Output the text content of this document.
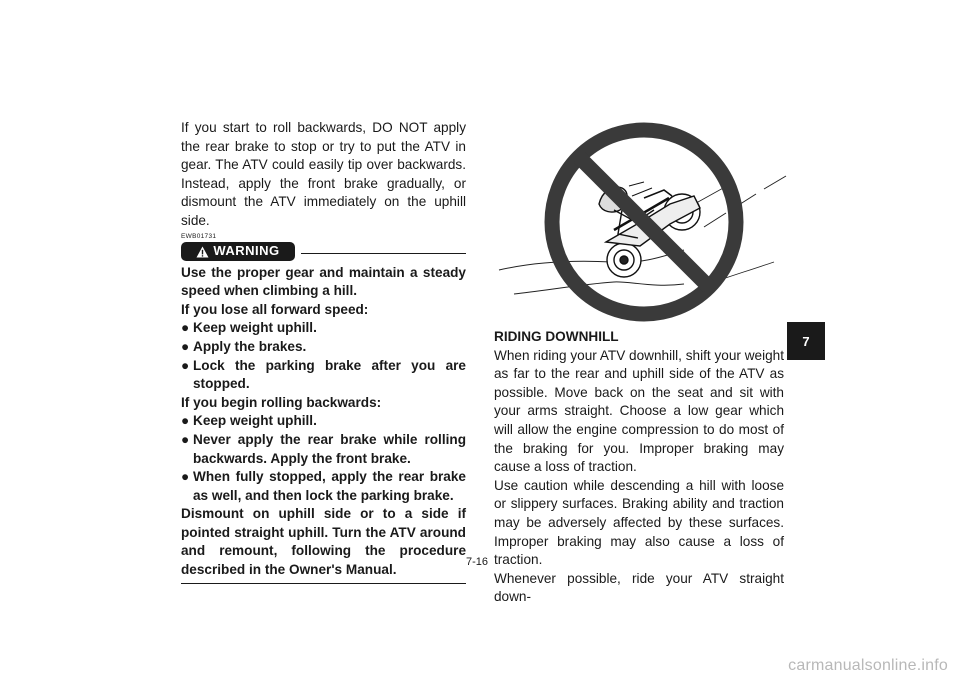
If you start to roll backwards, DO NOT apply the rear brake to stop or try to put the ATV in gear. The ATV could easily tip over backwards. Instead, apply the front brake gradually, or dismount the ATV immediately on the uphill side.
EWB01731
WARNING
Use the proper gear and maintain a steady speed when climbing a hill.
If you lose all forward speed:
● Keep weight uphill.
● Apply the brakes.
● Lock the parking brake after you are stopped.
If you begin rolling backwards:
● Keep weight uphill.
● Never apply the rear brake while rolling backwards. Apply the front brake.
● When fully stopped, apply the rear brake as well, and then lock the parking brake.
Dismount on uphill side or to a side if pointed straight uphill. Turn the ATV around and remount, following the procedure described in the Owner's Manual.
RIDING DOWNHILL
When riding your ATV downhill, shift your weight as far to the rear and uphill side of the ATV as possible. Move back on the seat and sit with your arms straight. Choose a low gear which will allow the engine compression to do most of the braking for you. Improper braking may cause a loss of traction.
Use caution while descending a hill with loose or slippery surfaces. Braking ability and traction may be adversely affected by these surfaces. Improper braking may also cause a loss of traction.
Whenever possible, ride your ATV straight down-
7-16
7
carmanualsonline.info
